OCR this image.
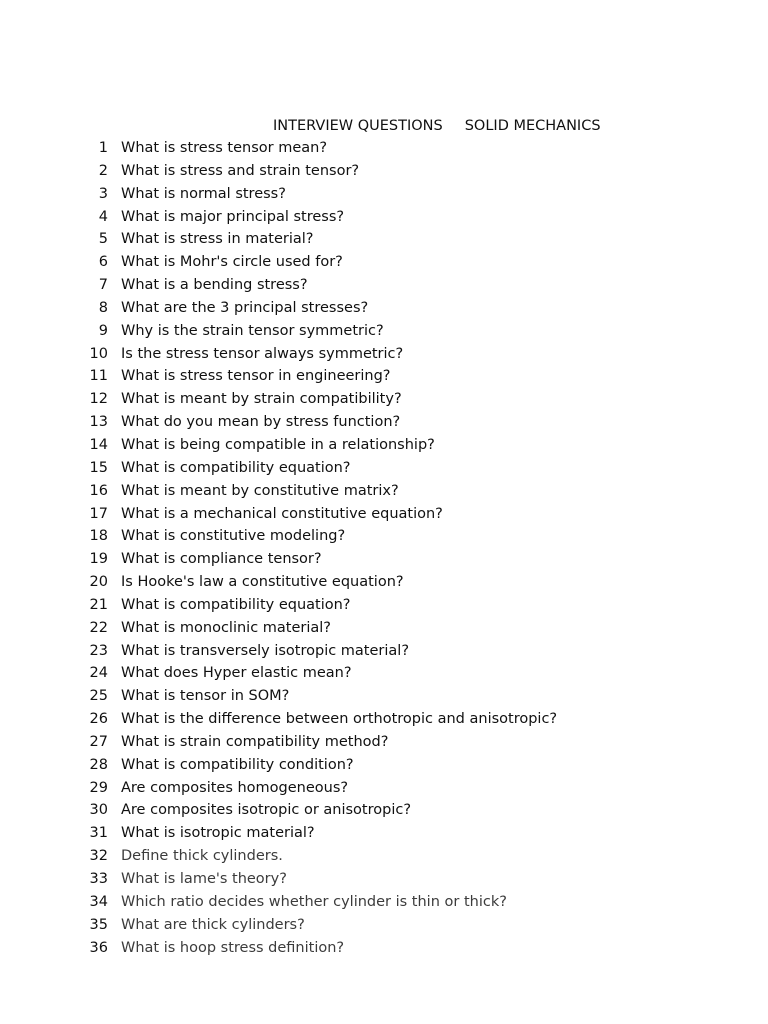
INTERVIEW QUESTIONS SOLID MECHANICS
1 What is stress tensor mean?
2 What is stress and strain tensor?
3 What is normal stress?
4 What is major principal stress?
5 What is stress in material?
6 What is Mohr's circle used for?
7 What is a bending stress?
8 What are the 3 principal stresses?
9 Why is the strain tensor symmetric?
10 Is the stress tensor always symmetric?
11 What is stress tensor in engineering?
12 What is meant by strain compatibility?
13 What do you mean by stress function?
14 What is being compatible in a relationship?
15 What is compatibility equation?
16 What is meant by constitutive matrix?
17 What is a mechanical constitutive equation?
18 What is constitutive modeling?
19 What is compliance tensor?
20 Is Hooke's law a constitutive equation?
21 What is compatibility equation?
22 What is monoclinic material?
23 What is transversely isotropic material?
24 What does Hyper elastic mean?
25 What is tensor in SOM?
26 What is the difference between orthotropic and anisotropic?
27 What is strain compatibility method?
28 What is compatibility condition?
29 Are composites homogeneous?
30 Are composites isotropic or anisotropic?
31 What is isotropic material?
32 Define thick cylinders.
33 What is lame's theory?
34 Which ratio decides whether cylinder is thin or thick?
35 What are thick cylinders?
36 What is hoop stress definition?
